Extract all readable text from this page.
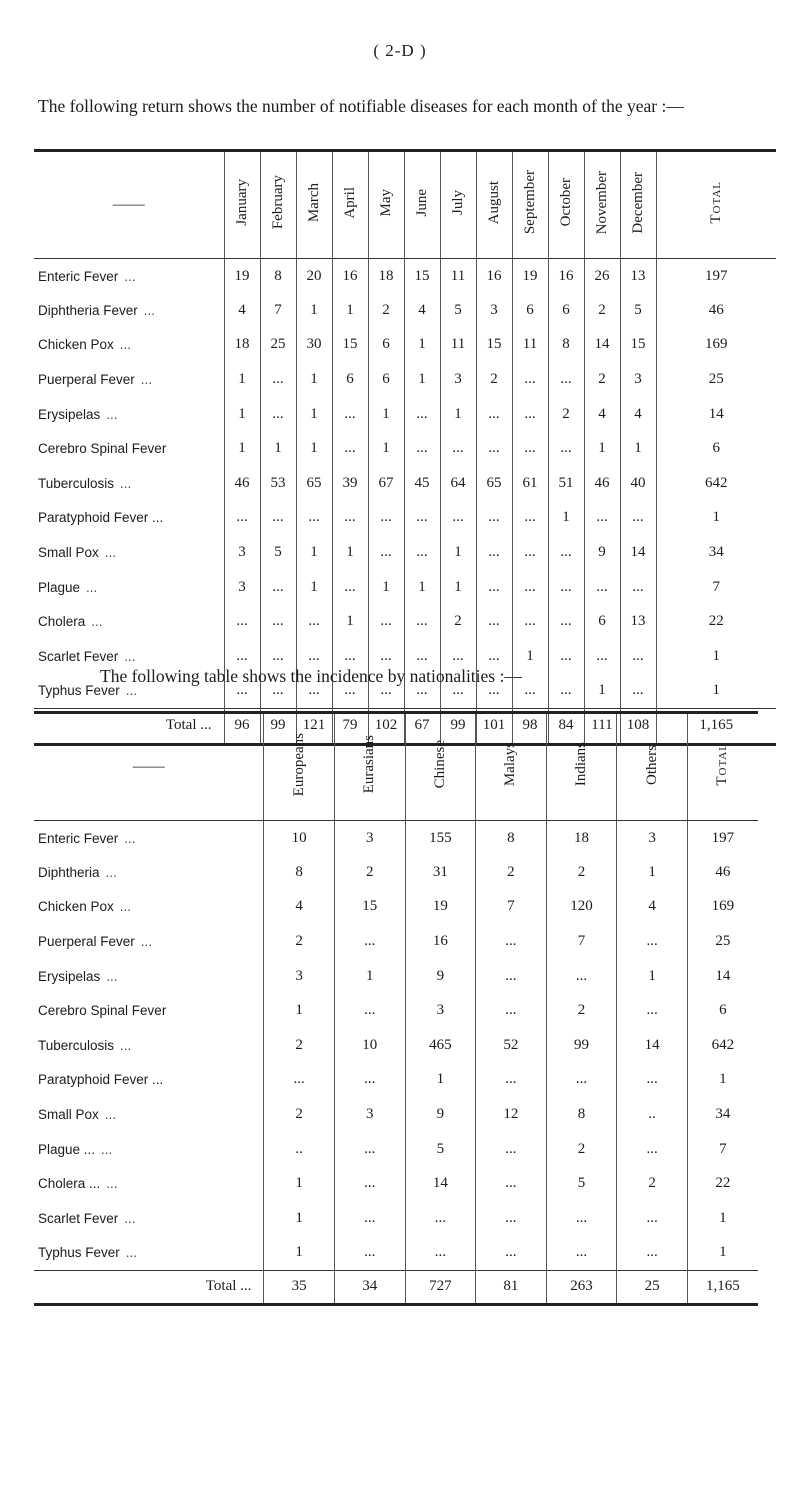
( 2-D )
The following return shows the number of notifiable diseases for each month of the year :—
——	January	February	March	April	May	June	July	August	September	October	November	December	Total
Enteric Fever ...	19	8	20	16	18	15	11	16	19	16	26	13	197
Diphtheria Fever ...	4	7	1	1	2	4	5	3	6	6	2	5	46
Chicken Pox ...	18	25	30	15	6	1	11	15	11	8	14	15	169
Puerperal Fever ...	1	...	1	6	6	1	3	2	...	...	2	3	25
Erysipelas ...	1	...	1	...	1	...	1	...	...	2	4	4	14
Cerebro Spinal Fever	1	1	1	...	1	...	...	...	...	...	1	1	6
Tuberculosis ...	46	53	65	39	67	45	64	65	61	51	46	40	642
Paratyphoid Fever ...	...	...	...	...	...	...	...	...	...	1	...	...	1
Small Pox ...	3	5	1	1	...	...	1	...	...	...	9	14	34
Plague ...	3	...	1	...	1	1	1	...	...	...	...	...	7
Cholera ...	...	...	...	1	...	...	2	...	...	...	6	13	22
Scarlet Fever ...	...	...	...	...	...	...	...	...	1	...	...	...	1
Typhus Fever ...	...	...	...	...	...	...	...	...	...	...	1	...	1
Total ...	96	99	121	79	102	67	99	101	98	84	111	108	1,165
The following table shows the incidence by nationalities :—
——	Europeans	Eurasians	Chinese	Malays	Indians	Others	Total
Enteric Fever ...	10	3	155	8	18	3	197
Diphtheria ...	8	2	31	2	2	1	46
Chicken Pox ...	4	15	19	7	120	4	169
Puerperal Fever ...	2	...	16	...	7	...	25
Erysipelas ...	3	1	9	...	...	1	14
Cerebro Spinal Fever	1	...	3	...	2	...	6
Tuberculosis ...	2	10	465	52	99	14	642
Paratyphoid Fever ...	...	...	1	...	...	...	1
Small Pox ...	2	3	9	12	8	..	34
Plague ... ...	..	...	5	...	2	...	7
Cholera ... ...	1	...	14	...	5	2	22
Scarlet Fever ...	1	...	...	...	...	...	1
Typhus Fever ...	1	...	...	...	...	...	1
Total ...	35	34	727	81	263	25	1,165
